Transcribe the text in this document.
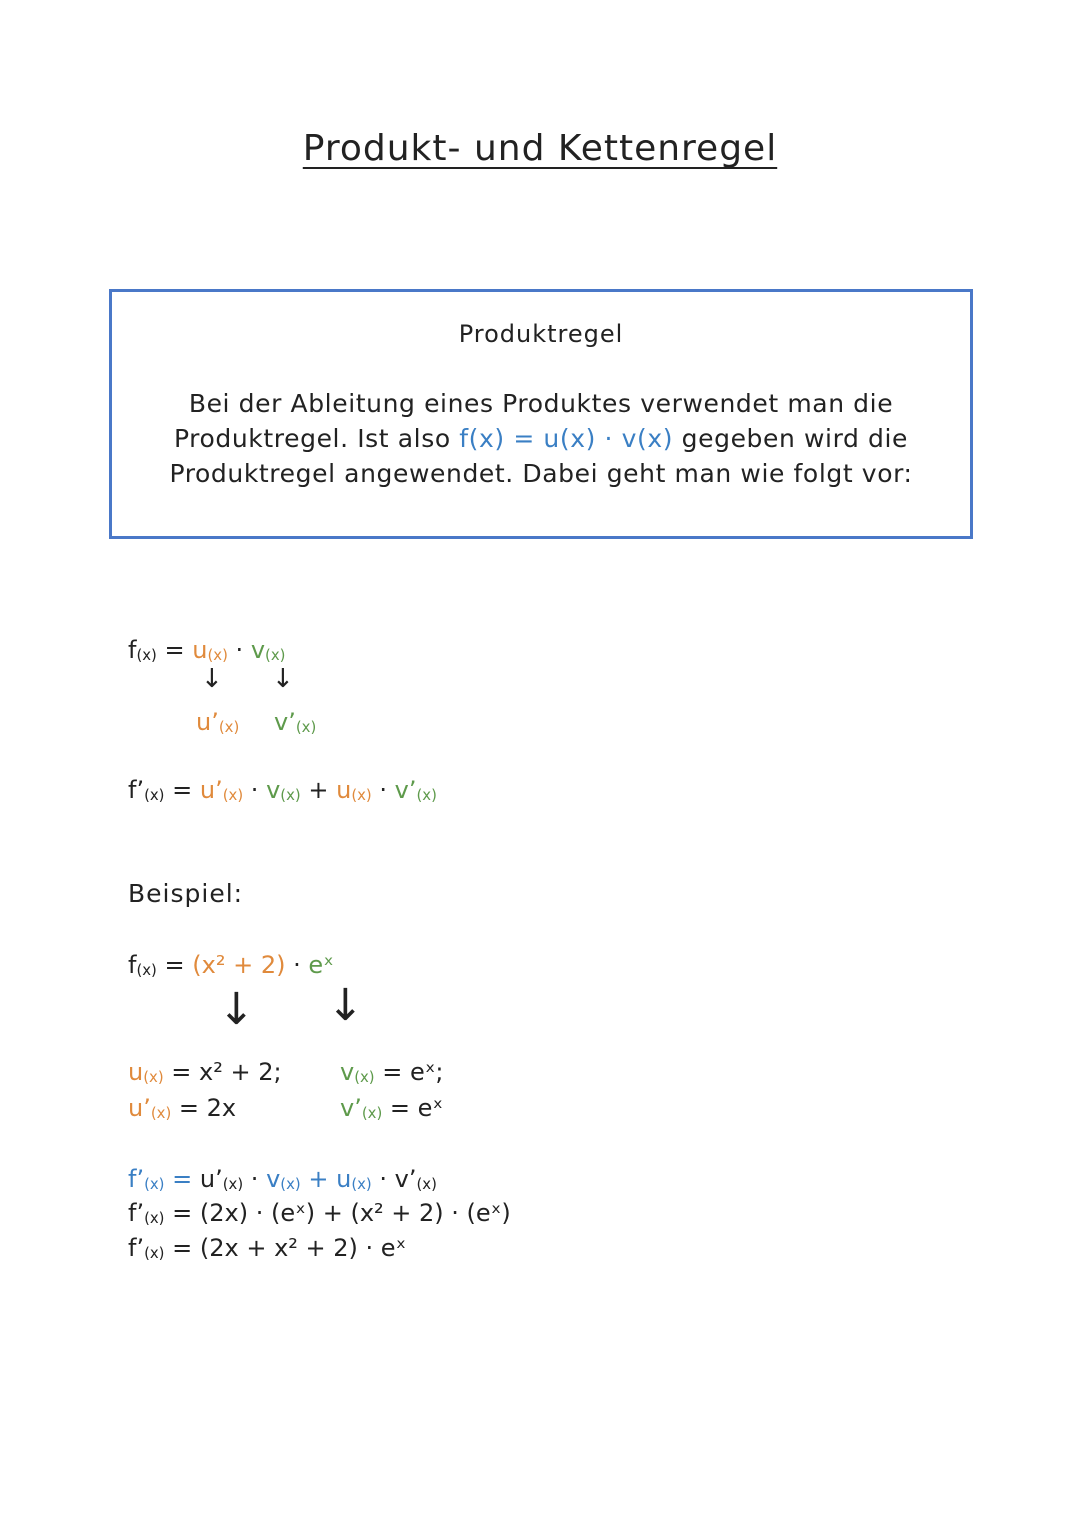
Produkt- und Kettenregel
Produktregel
Bei der Ableitung eines Produktes verwendet man die
Produktregel. Ist also f(x) = u(x) · v(x) gegeben wird die
Produktregel angewendet. Dabei geht man wie folgt vor:
$f_{(x)} = u_{(x)} \cdot v_{(x)}$
↓ ↓
$u’_{(x)}$ $v’_{(x)}$
$f’_{(x)}$ = $u’_{(x)} \cdot v_{(x)} + u_{(x)}$ · $v’_{(x)}$
Beispiel:
$f_{(x)} = (x^2 + 2)$ · eˣ
↓ ↓
$u_{(x)} = x^2 + 2$;
$u’_{(x)} = 2x$
$v_{(x)}$ = eˣ;
$v’_{(x)}$ = eˣ
$f’_{(x)}$ = $u’_{(x)} \cdot v_{(x)} + u_{(x)}$ · $v’_{(x)}$
$f’_{(x)} = (2x)$ · (eˣ) + (x² + 2) · (eˣ)
$f’_{(x)} = (2x + x^2 + 2)$ · eˣ
